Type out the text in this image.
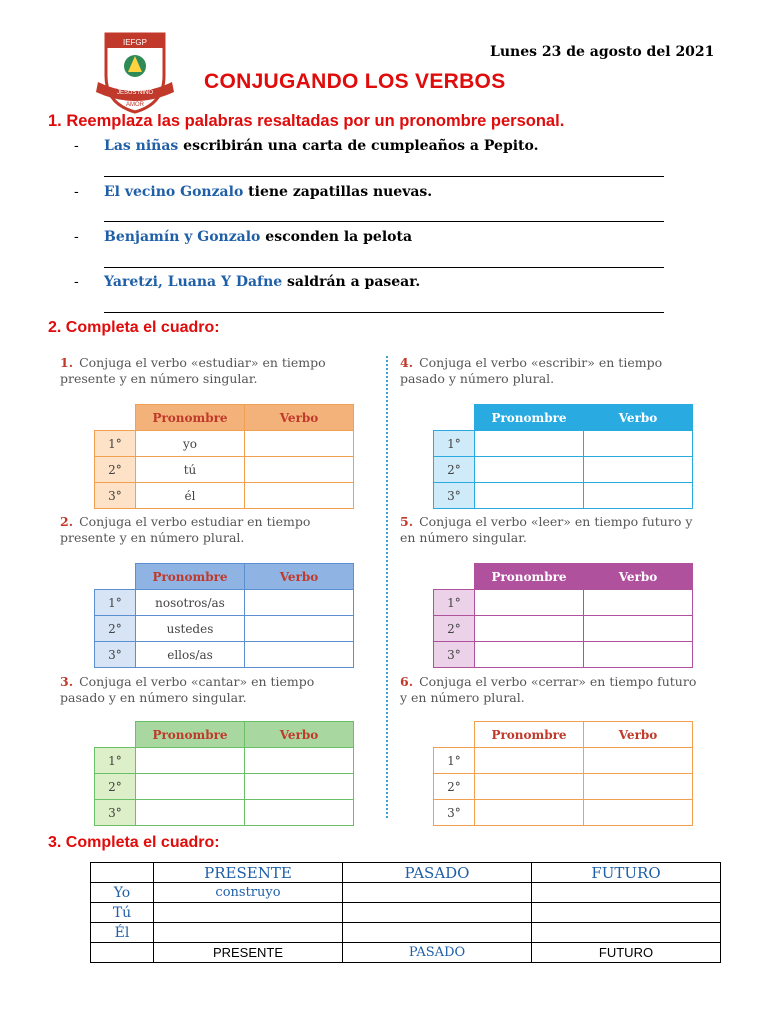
IEFGP
JESÚS NIÑO
AMOR
Lunes 23 de agosto del 2021
CONJUGANDO LOS VERBOS
1. Reemplaza las palabras resaltadas por un pronombre personal.
- Las niñas escribirán una carta de cumpleaños a Pepito.
- El vecino Gonzalo tiene zapatillas nuevas.
- Benjamín y Gonzalo esconden la pelota
- Yaretzi, Luana Y Dafne saldrán a pasear.
2. Completa el cuadro:
1. Conjuga el verbo «estudiar» en tiempo presente y en número singular.
	Pronombre	Verbo
1°	yo	
2°	tú	
3°	él	
4. Conjuga el verbo «escribir» en tiempo pasado y número plural.
	Pronombre	Verbo
1°		
2°		
3°		
2. Conjuga el verbo estudiar en tiempo presente y en número plural.
	Pronombre	Verbo
1°	nosotros/as	
2°	ustedes	
3°	ellos/as	
5. Conjuga el verbo «leer» en tiempo futuro y en número singular.
	Pronombre	Verbo
1°		
2°		
3°		
3. Conjuga el verbo «cantar» en tiempo pasado y en número singular.
	Pronombre	Verbo
1°		
2°		
3°		
6. Conjuga el verbo «cerrar» en tiempo futuro y en número plural.
	Pronombre	Verbo
1°		
2°		
3°		
3. Completa el cuadro:
	PRESENTE	PASADO	FUTURO
Yo	construyo		
Tú			
Él			
	PRESENTE	PASADO	FUTURO
